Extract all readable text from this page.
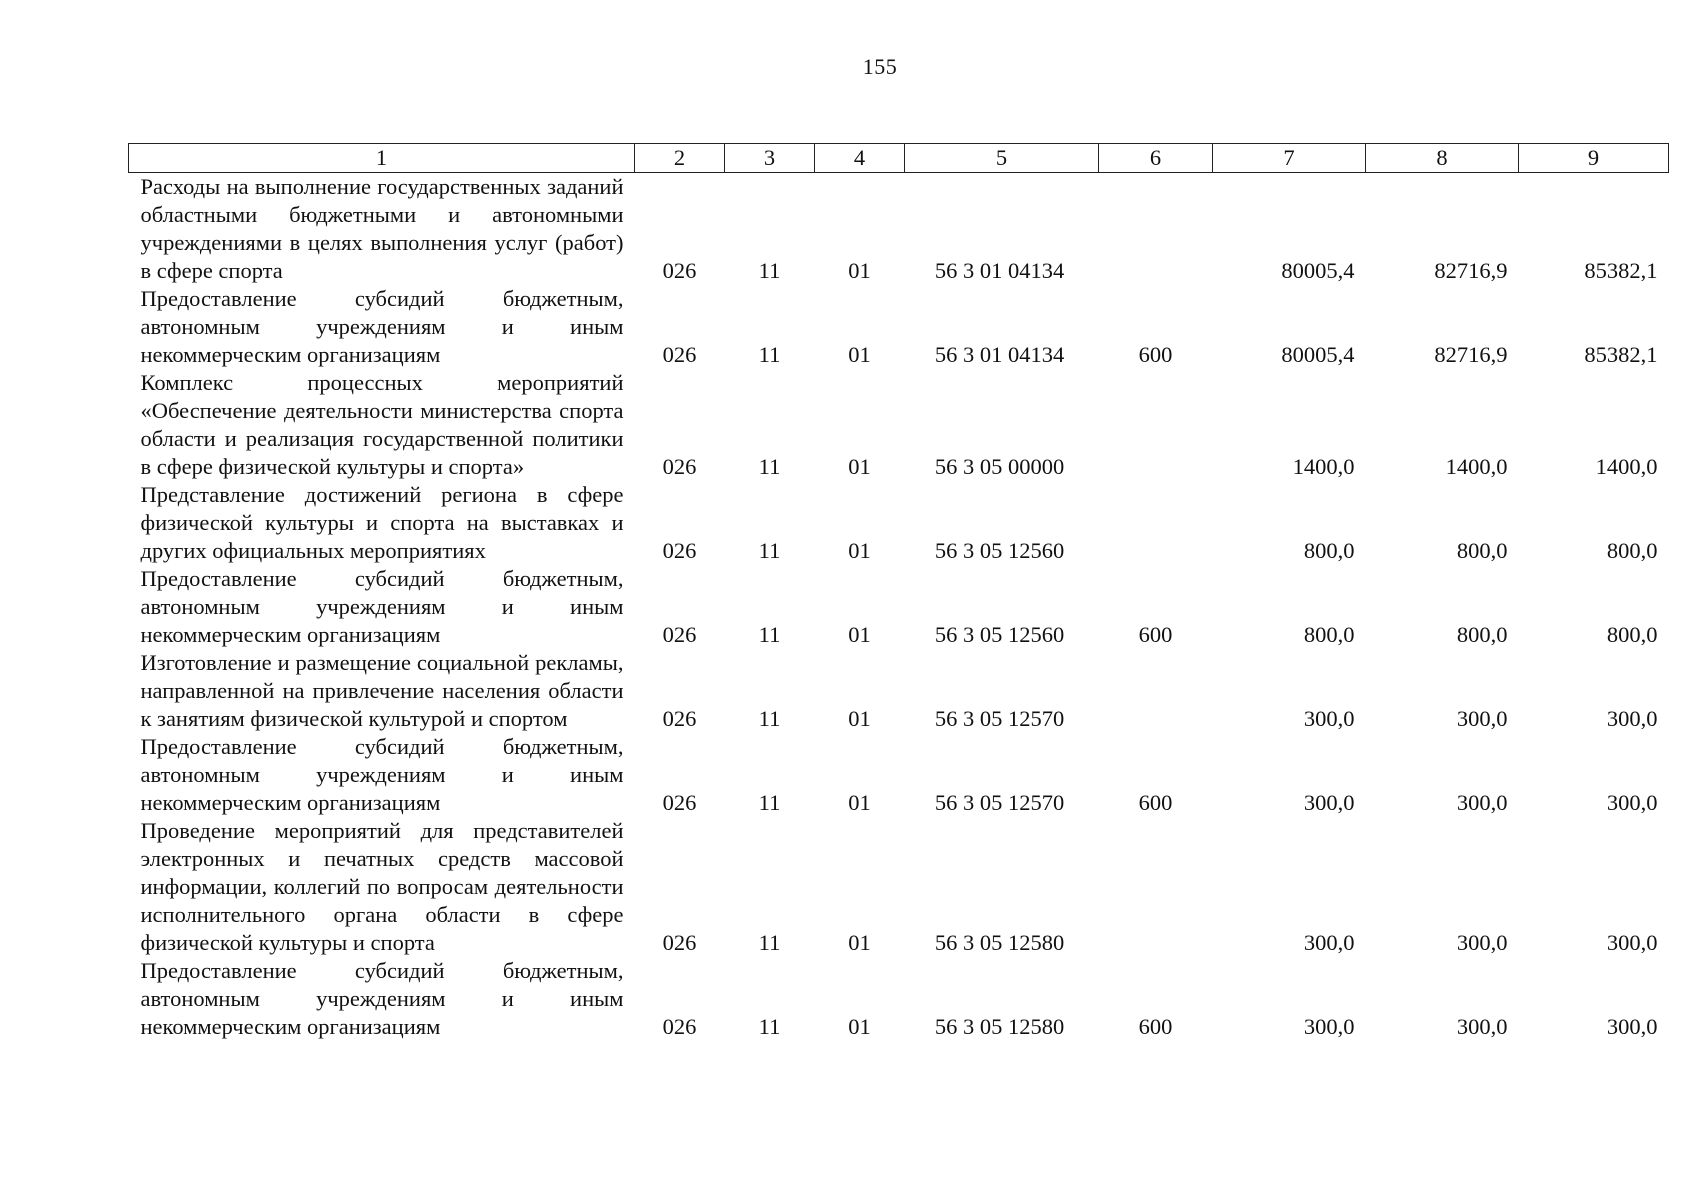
155
1	2	3	4	5	6	7	8	9
Расходы на выполнение государственных заданий областными бюджетными и автономными учреждениями в целях выполнения услуг (работ) в сфере спорта	026	11	01	56 3 01 04134		80005,4	82716,9	85382,1
Предоставление субсидий бюджетным, автономным учреждениям и иным некоммерческим организациям	026	11	01	56 3 01 04134	600	80005,4	82716,9	85382,1
Комплекс процессных мероприятий «Обеспечение деятельности министерства спорта области и реализация государственной политики в сфере физической культуры и спорта»	026	11	01	56 3 05 00000		1400,0	1400,0	1400,0
Представление достижений региона в сфере физической культуры и спорта на выставках и других официальных мероприятиях	026	11	01	56 3 05 12560		800,0	800,0	800,0
Предоставление субсидий бюджетным, автономным учреждениям и иным некоммерческим организациям	026	11	01	56 3 05 12560	600	800,0	800,0	800,0
Изготовление и размещение социальной рекламы, направленной на привлечение населения области к занятиям физической культурой и спортом	026	11	01	56 3 05 12570		300,0	300,0	300,0
Предоставление субсидий бюджетным, автономным учреждениям и иным некоммерческим организациям	026	11	01	56 3 05 12570	600	300,0	300,0	300,0
Проведение мероприятий для представителей электронных и печатных средств массовой информации, коллегий по вопросам деятельности исполнительного органа области в сфере физической культуры и спорта	026	11	01	56 3 05 12580		300,0	300,0	300,0
Предоставление субсидий бюджетным, автономным учреждениям и иным некоммерческим организациям	026	11	01	56 3 05 12580	600	300,0	300,0	300,0
